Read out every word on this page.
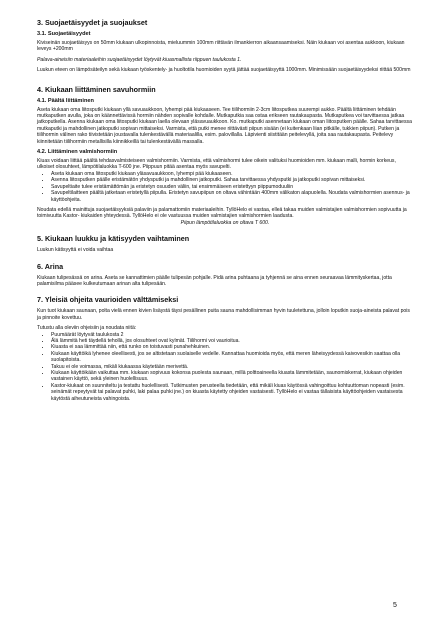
3. Suojaetäisyydet ja suojaukset
3.1. Suojaetäisyydet
Kiviseinän suojaetäisyys on 50mm kiukaan ulkopinnoista, mieluummin 100mm riittävän ilmankierron aikaansaamiseksi. Näin kiukaan voi asentaa aukkoon, kiukaan leveys +200mm
Palava-aineisiin materiaaleihin suojaetäisyydet löytyvät kiuasmallista riippuen taulukosta 1.
Luukun eteen on lämpösäteilyn sekä kiukaan työskentely- ja huoltotila huomioiden syytä jättää suojaetäisyyttä 1000mm. Minimissään suojaetäisyydeksi riittää 500mm
4. Kiukaan liittäminen savuhormiin
4.1. Päältä liittäminen
Aseta kiukaan oma liitosputki kiukaan yllä savuaukkoon, lyhempi pää kiukaaseen. Tee tiilihormiin 2-3cm liitosputkea suurempi aukko. Päältä liittäminen tehdään mutkaputken avulla, joka on käännettävissä hormiin nähden sopivalle kohdalle. Mutkaputkia saa ostaa erikseen rautakaupasta. Mutkaputkea voi tarvittaessa jatkaa jatkoputkella. Asenna kiukaan oma liitosputki kiukaan laella olevaan yläsavuaukkoon. Ko. mutkaputki asennetaan kiukaan oman liitosputken päälle. Sahaa tarvittaessa mutkaputki ja mahdollinen jatkoputki sopivan mittaiseksi. Varmista, että putki menee riittävästi piipun sisään (ei kuitenkaan liian pitkälle, tukkien piipun). Putken ja tiilihormin välinen rako tiivistetään joustavalla tulenkestävällä materiaalilla, esim. palovillalla. Läpivienti siistitään peitelevyllä, joita saa rautakaupasta. Peitelevy kiinnitetään tiilihormiin metallisilla kiinnikkeillä tai tulenkestävällä massalla.
4.2. Liittäminen valmishormiin
Kiuas voidaan liittää päältä tehdasvalmisteiseen valmishormiin. Varmista, että valmishormi tulee oikein valituksi huomioiden mm. kiukaan malli, hormin korkeus, ulkoiset olosuhteet, lämpötilaluokka T-600 jne. Piippuun pitää asentaa myös savupelti.
• Aseta kiukaan oma liitosputki kiukaan yläsavuaukkoon, lyhempi pää kiukaaseen.
• Asenna liitosputken päälle eristämätön yhdysputki ja mahdollinen jatkoputki. Sahaa tarvittaessa yhdysputki ja jatkoputki sopivan mittaiseksi.
• Savupeltiaite tulee eristämättömän ja eristetyn osuuden väliin, tai ensimmäiseen eristettyyn piippumoduuliin
• Savupeltilaitteen päältä jatketaan eristetyllä piipulla. Eristetyn savupiipun on oltava vähintään 400mm välikaton alapuolella. Noudata valmishormien asennus- ja käyttöohjeita.
Noudata edellä mainittuja suojaetäisyyksiä palaviin ja palamattomiin materiaaleihin. TyllöHelo ei vastaa, elleä takaa muiden valmistajien valmishormien sopivuutta ja toimivuutta Kastor- kiukaiden yhteydessä. TyllöHelo ei ole vastuussa muiden valmistajien valmishormien laadusta.
Piipun lämpötilaluokka on oltava T 600.
5. Kiukaan luukku ja kätisyyden vaihtaminen
Luukun kätisyyttä ei voida vaihtaa
6. Arina
Kiukaan tulipesässä on arina. Aseta se kannattimien päälle tulipesän pohjalle. Pidä arina puhtaana ja tyhjennä se aina ennen seuraavaa lämmityskertaa, jotta palamisilma pääsee kulkeutumaan arinan alta tulipesään.
7. Yleisiä ohjeita vaurioiden välttämiseksi
Kun tuot kiukaan saunaan, polta vielä ennen kivien lisäystä täysi pesällinen puita sauna mahdollisimman hyvin tuuletettuna, jolloin loputkin suoja-aineista palavat pois ja pinnoite kovettuu.
Tutustu alla oleviin ohjeisiin ja noudata niitä:
• Puumäärät löytyvät taulukosta 2
• Älä lämmitä heti täydellä tehollä, jos olosuhteet ovat kylmät. Tiilihormi voi vaurioitua.
• Kiuasta ei saa lämmittää niin, että runko on toistuvasti punahehkuinen.
• Kiukaan käyttöikä lyhenee oleellisesti, jos se altistetaan suolaiselle vedelle. Kannattaa huomioida myös, että meren läheisyydessä kaivovesikin saattaa olla suolapitoista.
• Takuu ei ole voimassa, mikäli kiukaassa käytetään merivettä.
• Kiukaan käyttöikään vaikuttaa mm. kiukaan sopivuus kokonsa puolesta saunaan, millä polttoaineella kiuasta lämmitetään, saunomiskerrat, kiukaan ohjeiden vastainen käyttö, sekä yleinen huolellisuus.
• Kastor-kiukaat on suunniteltu ja testattu huolellisesti. Tutkimusten perusteella tiedetään, että mikäli kiuas käytössä vahingoittuu kohtuuttoman nopeasti (esim. seinämät repeytyvät tai palavat puhki, laki palaa puhki jne.) on kiuasta käytetty ohjeiden vastaisesti. TyllöHelo ei vastaa tällaisista käyttöohjeiden vastaisesta käytöstä aiheutuneista vahingoista.
5
